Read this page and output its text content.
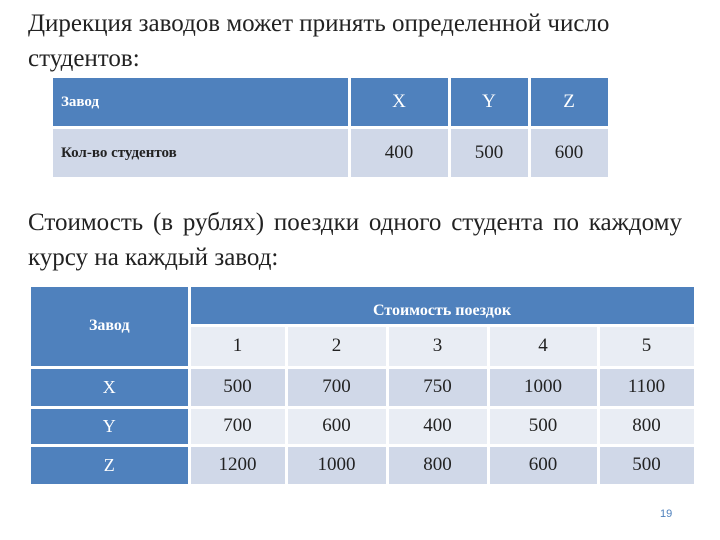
Дирекция заводов может принять определенной число студентов:

Завод	X	Y	Z
Кол-во студентов	400	500	600

Стоимость (в рублях) поездки одного студента по каждому курсу на каждый завод:

Завод	Стоимость поездок				
	1	2	3	4	5
X	500	700	750	1000	1100
Y	700	600	400	500	800
Z	1200	1000	800	600	500
19
